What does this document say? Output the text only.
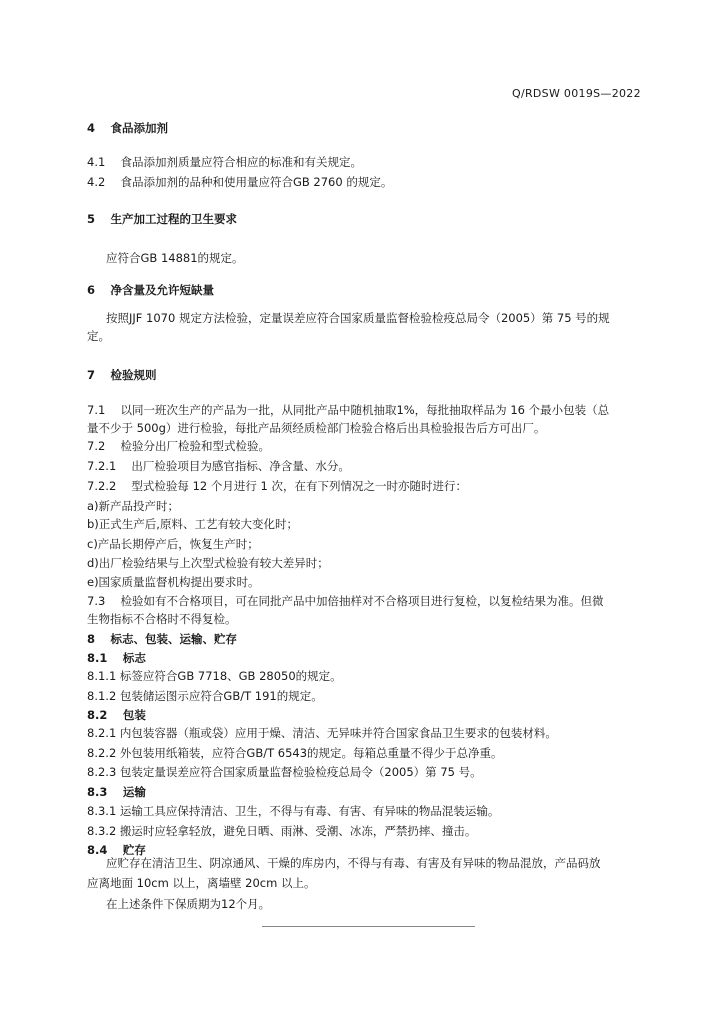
Q/RDSW 0019S—2022
4　 食品添加剂
4.1　 食品添加剂质量应符合相应的标准和有关规定。
4.2　 食品添加剂的品种和使用量应符合GB 2760 的规定。
5　 生产加工过程的卫生要求
应符合GB 14881的规定。
6　 净含量及允许短缺量
按照JJF 1070 规定方法检验，定量误差应符合国家质量监督检验检疫总局令（2005）第 75 号的规
定。
7　 检验规则
7.1　 以同一班次生产的产品为一批，从同批产品中随机抽取1%，每批抽取样品为 16 个最小包装（总
量不少于 500g）进行检验，每批产品须经质检部门检验合格后出具检验报告后方可出厂。
7.2　 检验分出厂检验和型式检验。
7.2.1　 出厂检验项目为感官指标、净含量、水分。
7.2.2　 型式检验每 12 个月进行 1 次，在有下列情况之一时亦随时进行：
a)新产品投产时；
b)正式生产后,原料、工艺有较大变化时；
c)产品长期停产后，恢复生产时；
d)出厂检验结果与上次型式检验有较大差异时；
e)国家质量监督机构提出要求时。
7.3　 检验如有不合格项目，可在同批产品中加倍抽样对不合格项目进行复检，以复检结果为准。但微
生物指标不合格时不得复检。
8　 标志、包装、运输、贮存
8.1　 标志
8.1.1 标签应符合GB 7718、GB 28050的规定。
8.1.2 包装储运图示应符合GB/T 191的规定。
8.2　 包装
8.2.1 内包装容器（瓶或袋）应用于燥、清洁、无异味并符合国家食品卫生要求的包装材料。
8.2.2 外包装用纸箱装，应符合GB/T 6543的规定。每箱总重量不得少于总净重。
8.2.3 包装定量误差应符合国家质量监督检验检疫总局令（2005）第 75 号。
8.3　 运输
8.3.1 运输工具应保持清洁、卫生，不得与有毒、有害、有异味的物品混装运输。
8.3.2 搬运时应轻拿轻放，避免日晒、雨淋、受潮、冰冻，严禁扔摔、撞击。
8.4　 贮存
应贮存在清洁卫生、阴凉通风、干燥的库房内，不得与有毒、有害及有异味的物品混放，产品码放
应离地面 10cm 以上，离墙壁 20cm 以上。
在上述条件下保质期为12个月。
